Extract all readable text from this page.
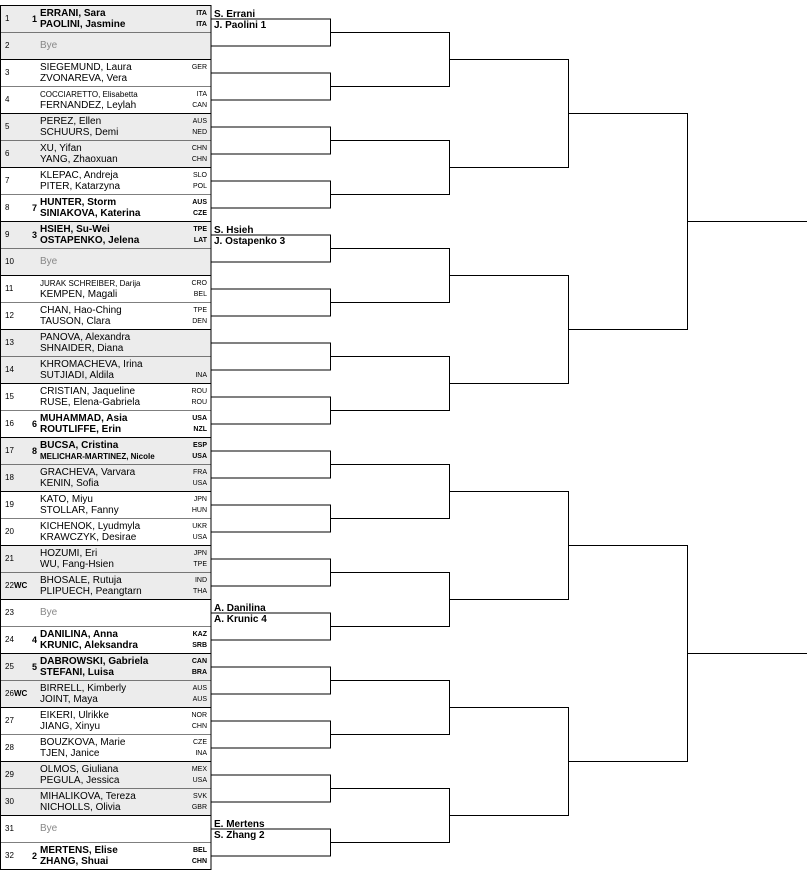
1	1 ERRANI, Sara	ITA
PAOLINI, Jasmine	ITA
2	Bye
3	SIEGEMUND, Laura	GER
ZVONAREVA, Vera
4
COCCIARETTO, Elisabetta	ITA
FERNANDEZ, Leylah	CAN
5	PEREZ, Ellen	AUS
SCHUURS, Demi	NED
6	XU, Yifan	CHN
YANG, Zhaoxuan	CHN
7	KLEPAC, Andreja	SLO
PITER, Katarzyna	POL
8	7 HUNTER, Storm	AUS
SINIAKOVA, Katerina	CZE
9	3 HSIEH, Su-Wei	TPE
OSTAPENKO, Jelena	LAT
10	Bye
11
JURAK SCHREIBER, Darija	CRO
KEMPEN, Magali	BEL
12	CHAN, Hao-Ching	TPE
TAUSON, Clara	DEN
13	PANOVA, Alexandra
SHNAIDER, Diana
14	KHROMACHEVA, Irina
SUTJIADI, Aldila	INA
15	CRISTIAN, Jaqueline	ROU
RUSE, Elena-Gabriela	ROU
16	6 MUHAMMAD, Asia	USA
ROUTLIFFE, Erin	NZL
17	8 BUCSA, Cristina	ESP
MELICHAR-MARTINEZ, Nicole	USA
18	GRACHEVA, Varvara	FRA
KENIN, Sofia	USA
19	KATO, Miyu	JPN
STOLLAR, Fanny	HUN
20	KICHENOK, Lyudmyla	UKR
KRAWCZYK, Desirae	USA
21	HOZUMI, Eri	JPN
WU, Fang-Hsien	TPE
22 WC BHOSALE, Rutuja	IND
PLIPUECH, Peangtarn	THA
23	Bye
24	4 DANILINA, Anna	KAZ
KRUNIC, Aleksandra	SRB
25	5 DABROWSKI, Gabriela	CAN
STEFANI, Luisa	BRA
26 WC BIRRELL, Kimberly	AUS
JOINT, Maya	AUS
27	EIKERI, Ulrikke	NOR
JIANG, Xinyu	CHN
28	BOUZKOVA, Marie	CZE
TJEN, Janice	INA
29	OLMOS, Giuliana	MEX
PEGULA, Jessica	USA
30	MIHALIKOVA, Tereza	SVK
NICHOLLS, Olivia	GBR
31	Bye
32	2 MERTENS, Elise	BEL
ZHANG, Shuai	CHN
S. Errani
J. Paolini 1
S. Hsieh
J. Ostapenko 3
A. Danilina
A. Krunic 4
E. Mertens
S. Zhang 2
